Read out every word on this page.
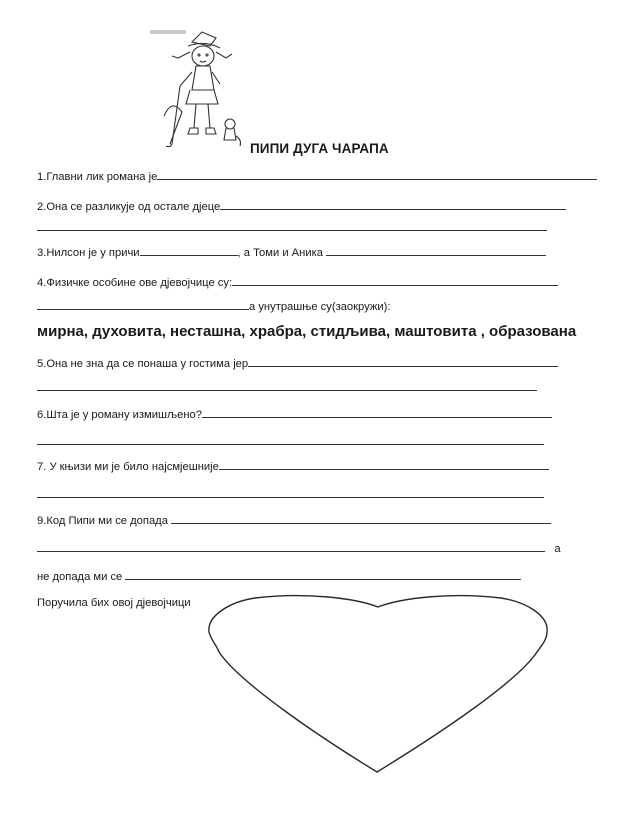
ПИПИ ДУГА ЧАРАПА
1.Главни лик романа је
2.Она се разликује од остале дјеце
3.Нилсон је у причи	, а Томи и Аника
4.Физичке особине ове дјевојчице су:
а унутрашње су(заокружи):
мирна, духовита, несташна, храбра, стидљива, маштовита , образована
5.Она не зна да се понаша у гостима јер
6.Шта је у роману измишљено?
7. У књизи ми је било најсмјешније
9.Код Пипи ми се допада
а
не допада ми се
Поручила бих овој дјевојчици
